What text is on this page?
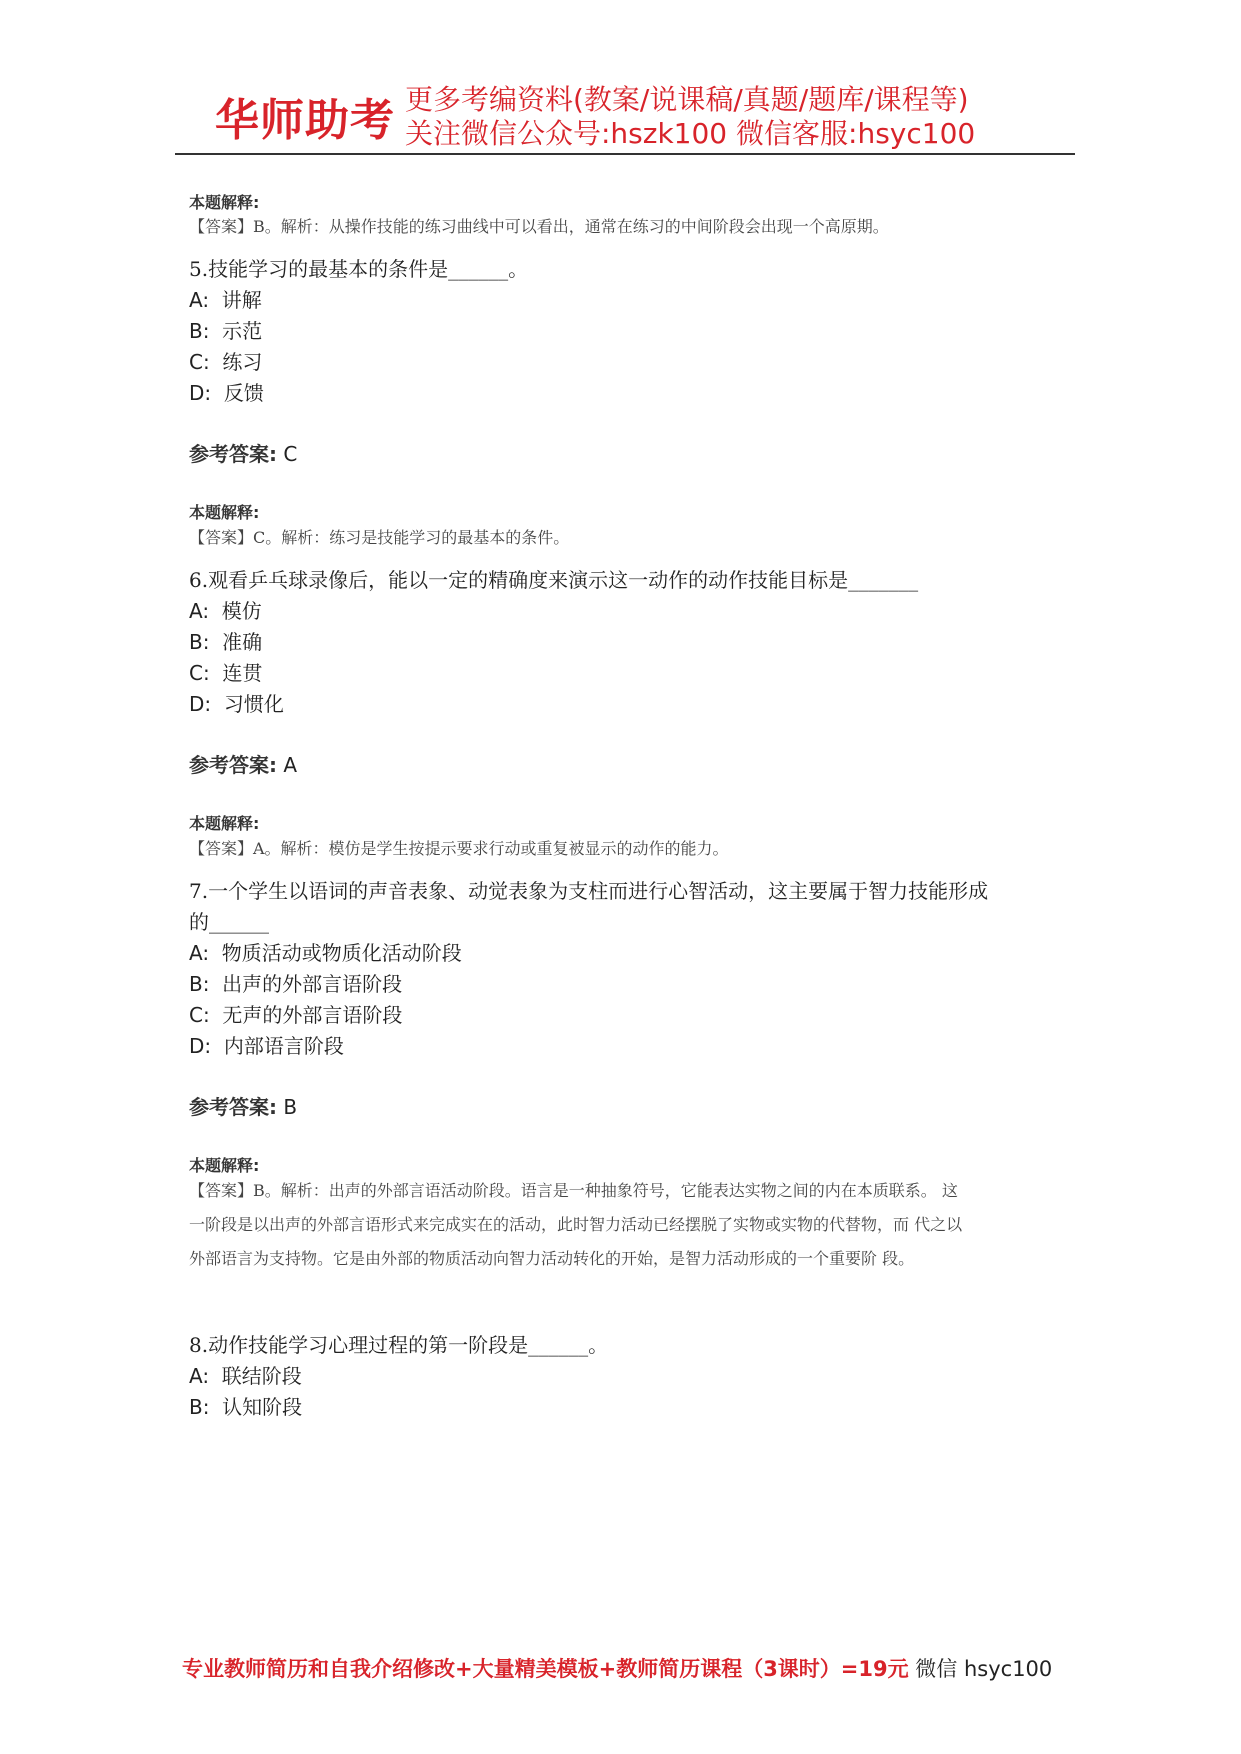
华师助考 更多考编资料(教案/说课稿/真题/题库/课程等)
关注微信公众号:hszk100 微信客服:hsyc100

本题解释:

【答案】B。解析：从操作技能的练习曲线中可以看出，通常在练习的中间阶段会出现一个高原期。

5.技能学习的最基本的条件是______。

A:  讲解

B:  示范

C:  练习

D:  反馈

参考答案: C

本题解释:

【答案】C。解析：练习是技能学习的最基本的条件。

6.观看乒乓球录像后，能以一定的精确度来演示这一动作的动作技能目标是_______

A:  模仿

B:  准确

C:  连贯

D:  习惯化

参考答案: A

本题解释:

【答案】A。解析：模仿是学生按提示要求行动或重复被显示的动作的能力。

7.一个学生以语词的声音表象、动觉表象为支柱而进行心智活动，这主要属于智力技能形成

的______

A:  物质活动或物质化活动阶段

B:  出声的外部言语阶段

C:  无声的外部言语阶段

D:  内部语言阶段

参考答案: B

本题解释:

【答案】B。解析：出声的外部言语活动阶段。语言是一种抽象符号，它能表达实物之间的内在本质联系。 这

一阶段是以出声的外部言语形式来完成实在的活动，此时智力活动已经摆脱了实物或实物的代替物，而 代之以

外部语言为支持物。它是由外部的物质活动向智力活动转化的开始，是智力活动形成的一个重要阶 段。

8.动作技能学习心理过程的第一阶段是______。

A:  联结阶段

B:  认知阶段

专业教师简历和自我介绍修改+大量精美模板+教师简历课程（3课时）=19元 微信 hsyc100
